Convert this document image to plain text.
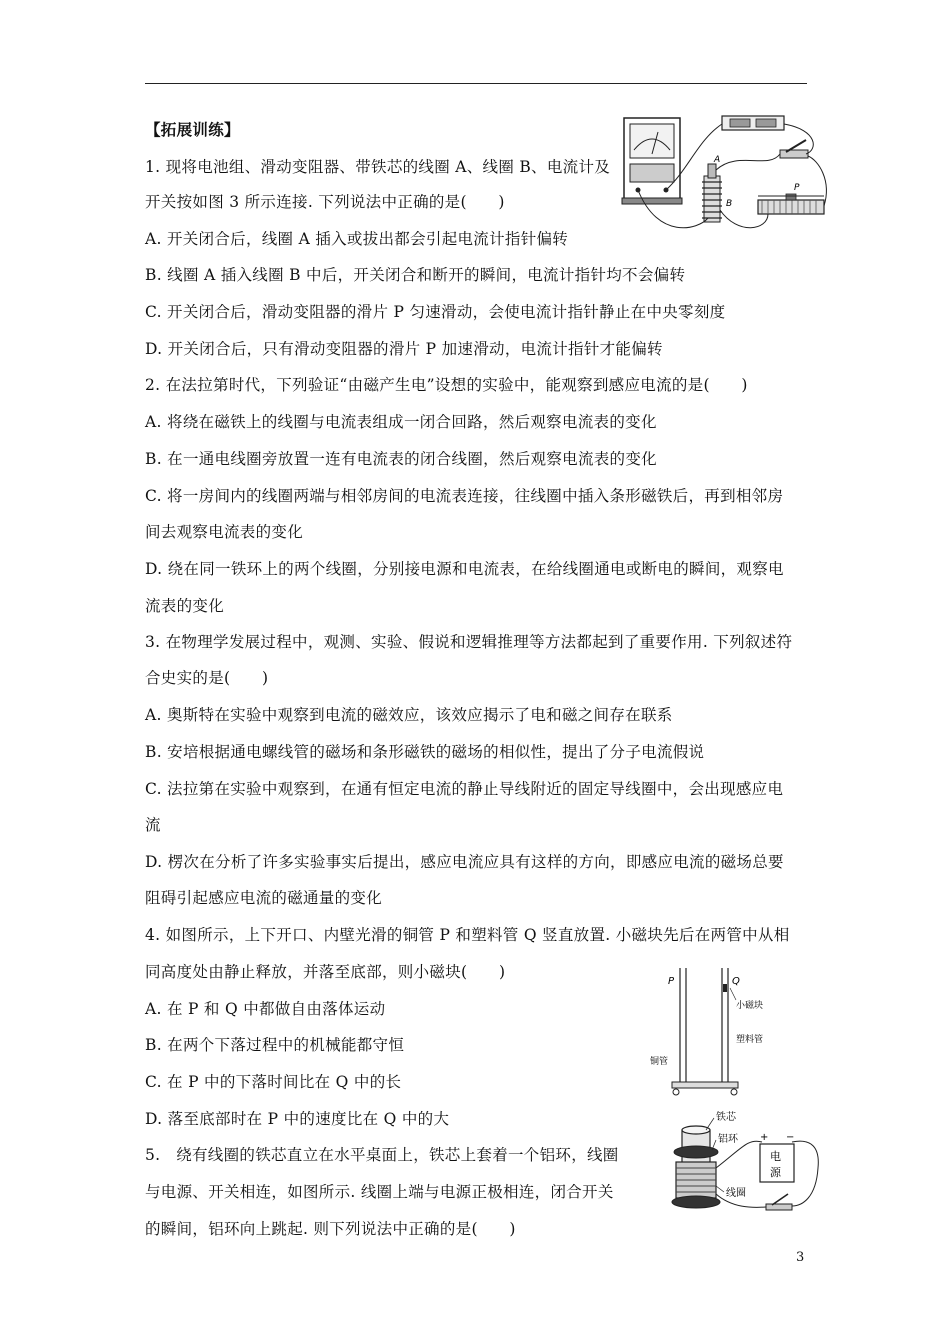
【拓展训练】
1. 现将电池组、滑动变阻器、带铁芯的线圈 A、线圈 B、电流计及
开关按如图 3 所示连接. 下列说法中正确的是(　　)
A. 开关闭合后，线圈 A 插入或拔出都会引起电流计指针偏转
B. 线圈 A 插入线圈 B 中后，开关闭合和断开的瞬间，电流计指针均不会偏转
C. 开关闭合后，滑动变阻器的滑片 P 匀速滑动，会使电流计指针静止在中央零刻度
D. 开关闭合后，只有滑动变阻器的滑片 P 加速滑动，电流计指针才能偏转
2. 在法拉第时代，下列验证“由磁产生电”设想的实验中，能观察到感应电流的是(　　)
A. 将绕在磁铁上的线圈与电流表组成一闭合回路，然后观察电流表的变化
B. 在一通电线圈旁放置一连有电流表的闭合线圈，然后观察电流表的变化
C. 将一房间内的线圈两端与相邻房间的电流表连接，往线圈中插入条形磁铁后，再到相邻房
间去观察电流表的变化
D. 绕在同一铁环上的两个线圈，分别接电源和电流表，在给线圈通电或断电的瞬间，观察电
流表的变化
3. 在物理学发展过程中，观测、实验、假说和逻辑推理等方法都起到了重要作用. 下列叙述符
合史实的是(　　)
A. 奥斯特在实验中观察到电流的磁效应，该效应揭示了电和磁之间存在联系
B. 安培根据通电螺线管的磁场和条形磁铁的磁场的相似性，提出了分子电流假说
C. 法拉第在实验中观察到，在通有恒定电流的静止导线附近的固定导线圈中，会出现感应电
流
D. 楞次在分析了许多实验事实后提出，感应电流应具有这样的方向，即感应电流的磁场总要
阻碍引起感应电流的磁通量的变化
4. 如图所示，上下开口、内壁光滑的铜管 P 和塑料管 Q 竖直放置. 小磁块先后在两管中从相
同高度处由静止释放，并落至底部，则小磁块(　　)
A. 在 P 和 Q 中都做自由落体运动
B. 在两个下落过程中的机械能都守恒
C. 在 P 中的下落时间比在 Q 中的长
D. 落至底部时在 P 中的速度比在 Q 中的大
5.　绕有线圈的铁芯直立在水平桌面上，铁芯上套着一个铝环，线圈
与电源、开关相连，如图所示. 线圈上端与电源正极相连，闭合开关
的瞬间，铝环向上跳起. 则下列说法中正确的是(　　)
3
A
B
P
P	Q
小磁块
塑料管
铜管
铁芯
铝环
线圈
+ −
电
源
